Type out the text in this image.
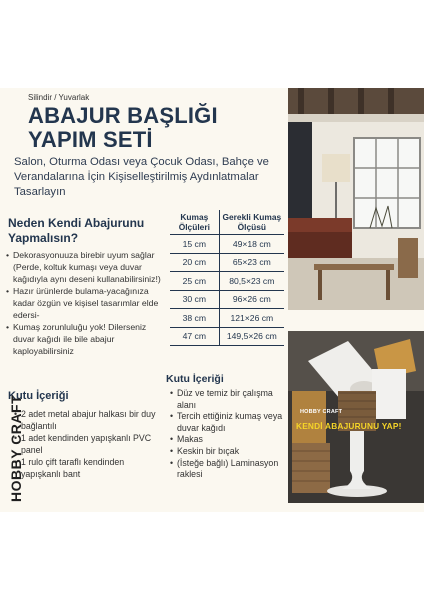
Silindir / Yuvarlak
ABAJUR BAŞLIĞI YAPIM SETİ
Salon, Oturma Odası veya Çocuk Odası, Bahçe ve Verandalarına İçin Kişiselleştirilmiş Aydınlatmalar Tasarlayın
Neden Kendi Abajurunu Yapmalısın?
• Dekorasyonuuza birebir uyum sağlar (Perde, koltuk kumaşı veya duvar kağıdıyla aynı deseni kullanabilirsiniz!)
• Hazır ürünlerde bulama-yacağınıza kadar özgün ve kişisel tasarımlar elde edersi-
• Kumaş zorunluluğu yok! Dilerseniz duvar kağıdı ile bile abajur kaployabilirsiniz
Kutu İçeriği
• 2 adet metal abajur halkası bir duy bağlantılı
• 1 adet kendinden yapışkanlı PVC panel
• 1 rulo çift taraflı kendinden yapışkanlı bant
HOBBY CRAFT
Kumaş Ölçüleri	Gerekli Kumaş Ölçüsü
15 cm	49×18 cm
20 cm	65×23 cm
25 cm	80,5×23 cm
30 cm	96×26 cm
38 cm	121×26 cm
47 cm	149,5×26 cm
Kutu İçeriği
• Düz ve temiz bir çalışma alanı
• Tercih ettiğiniz kumaş veya duvar kağıdı
• Makas
• Keskin bir bıçak
• (İsteğe bağlı) Laminasyon raklesi
HOBBY CRAFT
KENDİ ABAJURUNU YAP!
